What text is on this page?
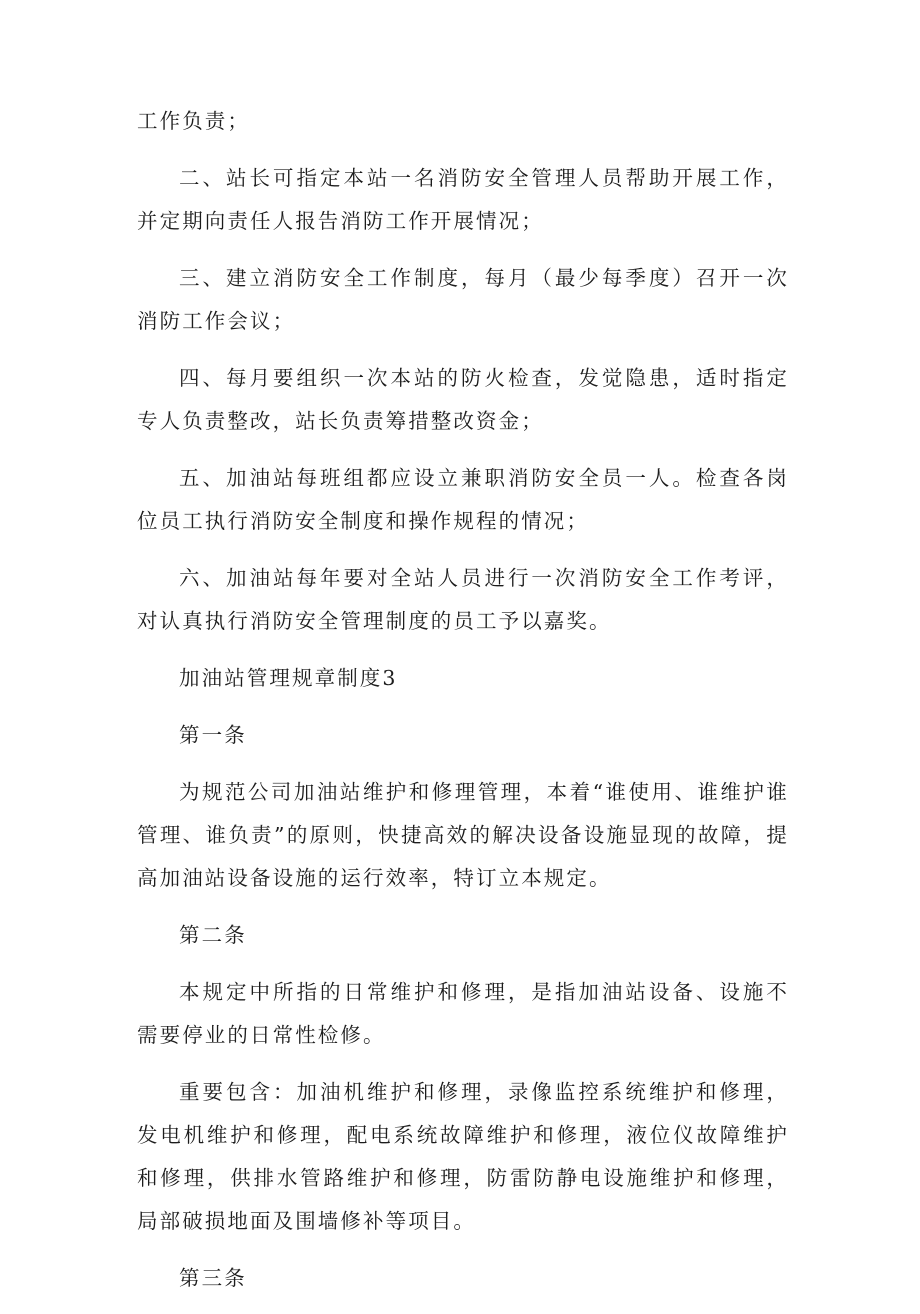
工作负责；

二、站长可指定本站一名消防安全管理人员帮助开展工作，并定期向责任人报告消防工作开展情况；

三、建立消防安全工作制度，每月（最少每季度）召开一次消防工作会议；

四、每月要组织一次本站的防火检查，发觉隐患，适时指定专人负责整改，站长负责筹措整改资金；

五、加油站每班组都应设立兼职消防安全员一人。检查各岗位员工执行消防安全制度和操作规程的情况；

六、加油站每年要对全站人员进行一次消防安全工作考评，对认真执行消防安全管理制度的员工予以嘉奖。

加油站管理规章制度3

第一条

为规范公司加油站维护和修理管理，本着“谁使用、谁维护谁管理、谁负责”的原则，快捷高效的解决设备设施显现的故障，提高加油站设备设施的运行效率，特订立本规定。

第二条

本规定中所指的日常维护和修理，是指加油站设备、设施不需要停业的日常性检修。

重要包含：加油机维护和修理，录像监控系统维护和修理，发电机维护和修理，配电系统故障维护和修理，液位仪故障维护和修理，供排水管路维护和修理，防雷防静电设施维护和修理，局部破损地面及围墙修补等项目。

第三条
